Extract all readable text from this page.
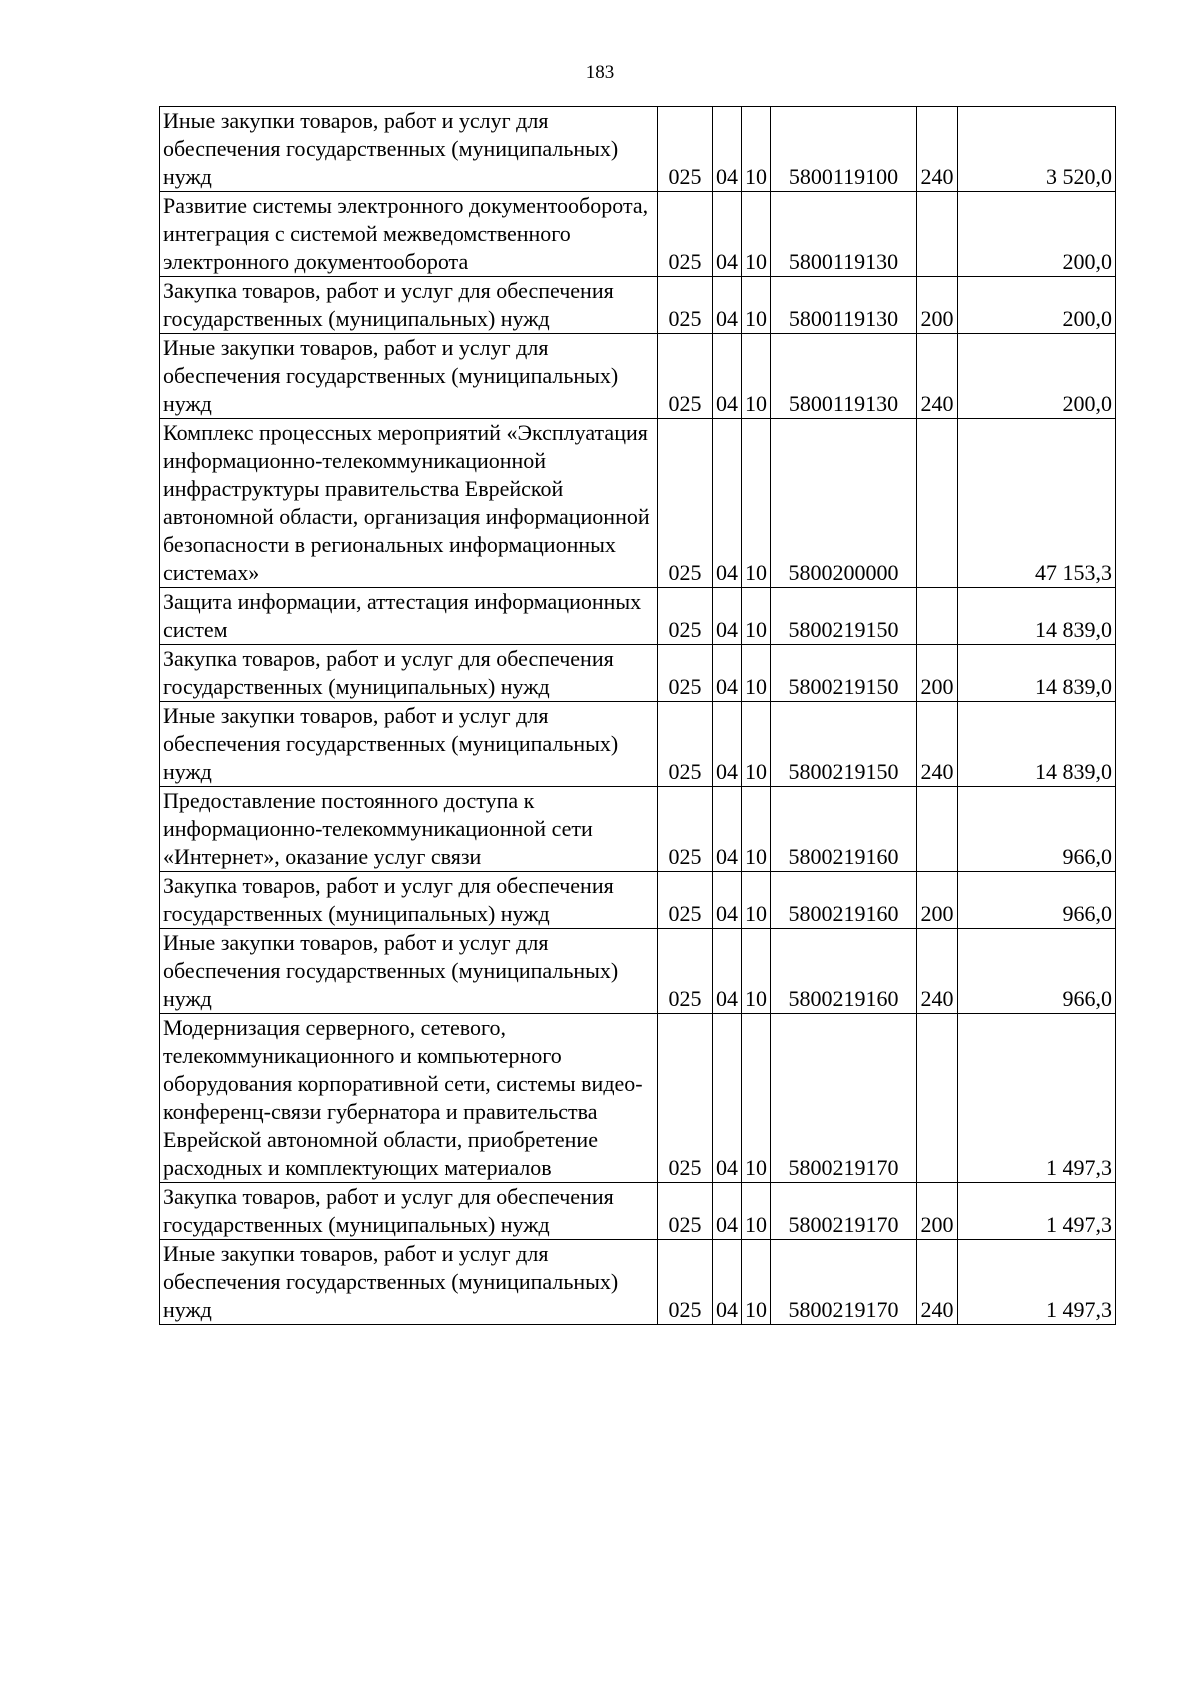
183
Иные закупки товаров, работ и услуг для обеспечения государственных (муниципальных) нужд	025	04	10	5800119100	240	3 520,0
Развитие системы электронного документооборота, интеграция с системой межведомственного электронного документооборота	025	04	10	5800119130		200,0
Закупка товаров, работ и услуг для обеспечения государственных (муниципальных) нужд	025	04	10	5800119130	200	200,0
Иные закупки товаров, работ и услуг для обеспечения государственных (муниципальных) нужд	025	04	10	5800119130	240	200,0
Комплекс процессных мероприятий «Эксплуатация информационно-телекоммуникационной инфраструктуры правительства Еврейской автономной области, организация информационной безопасности в региональных информационных системах»	025	04	10	5800200000		47 153,3
Защита информации, аттестация информационных систем	025	04	10	5800219150		14 839,0
Закупка товаров, работ и услуг для обеспечения государственных (муниципальных) нужд	025	04	10	5800219150	200	14 839,0
Иные закупки товаров, работ и услуг для обеспечения государственных (муниципальных) нужд	025	04	10	5800219150	240	14 839,0
Предоставление постоянного доступа к информационно-телекоммуникационной сети «Интернет», оказание услуг связи	025	04	10	5800219160		966,0
Закупка товаров, работ и услуг для обеспечения государственных (муниципальных) нужд	025	04	10	5800219160	200	966,0
Иные закупки товаров, работ и услуг для обеспечения государственных (муниципальных) нужд	025	04	10	5800219160	240	966,0
Модернизация серверного, сетевого, телекоммуникационного и компьютерного оборудования корпоративной сети, системы видео-конференц-связи губернатора и правительства Еврейской автономной области, приобретение расходных и комплектующих материалов	025	04	10	5800219170		1 497,3
Закупка товаров, работ и услуг для обеспечения государственных (муниципальных) нужд	025	04	10	5800219170	200	1 497,3
Иные закупки товаров, работ и услуг для обеспечения государственных (муниципальных) нужд	025	04	10	5800219170	240	1 497,3
